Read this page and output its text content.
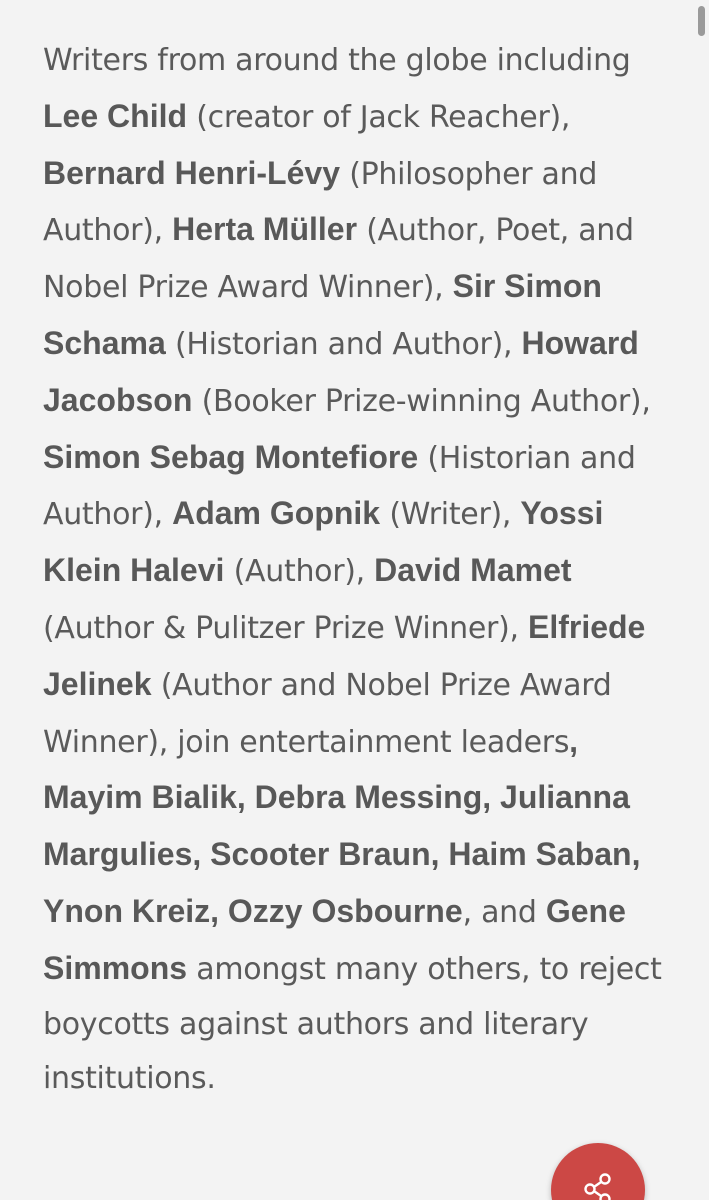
Writers from around the globe including Lee Child (creator of Jack Reacher), Bernard Henri-Lévy (Philosopher and Author), Herta Müller (Author, Poet, and Nobel Prize Award Winner), Sir Simon Schama (Historian and Author), Howard Jacobson (Booker Prize-winning Author), Simon Sebag Montefiore (Historian and Author), Adam Gopnik (Writer), Yossi Klein Halevi (Author), David Mamet (Author & Pulitzer Prize Winner), Elfriede Jelinek (Author and Nobel Prize Award Winner), join entertainment leaders, Mayim Bialik, Debra Messing, Julianna Margulies, Scooter Braun, Haim Saban, Ynon Kreiz, Ozzy Osbourne, and Gene Simmons amongst many others, to reject boycotts against authors and literary institutions.
